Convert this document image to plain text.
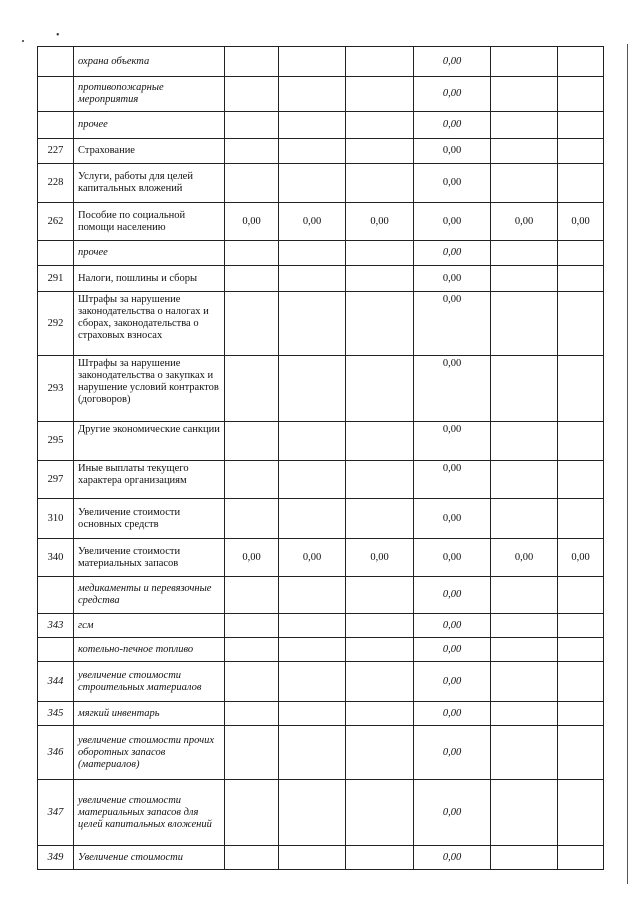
•
	охрана объекта				0,00		
	противопожарные мероприятия				0,00		
	прочее				0,00		
227	Страхование				0,00		
228	Услуги, работы для целей капитальных вложений				0,00		
262	Пособие по социальной помощи населению	0,00	0,00	0,00	0,00	0,00	0,00
	прочее				0,00		
291	Налоги, пошлины и сборы				0,00		
292	Штрафы за нарушение законодательства о налогах и сборах, законодательства о страховых взносах				0,00		
293	Штрафы за нарушение законодательства о закупках и нарушение условий контрактов (договоров)				0,00		
295	Другие экономические санкции				0,00		
297	Иные выплаты текущего характера организациям				0,00		
310	Увеличение стоимости основных средств				0,00		
340	Увеличение стоимости материальных запасов	0,00	0,00	0,00	0,00	0,00	0,00
	медикаменты и перевязочные средства				0,00		
343	гсм				0,00		
	котельно-печное топливо				0,00		
344	увеличение стоимости строительных материалов				0,00		
345	мягкий инвентарь				0,00		
346	увеличение стоимости прочих оборотных запасов (материалов)				0,00		
347	увеличение стоимости материальных запасов для целей капитальных вложений				0,00		
349	Увеличение стоимости				0,00		
